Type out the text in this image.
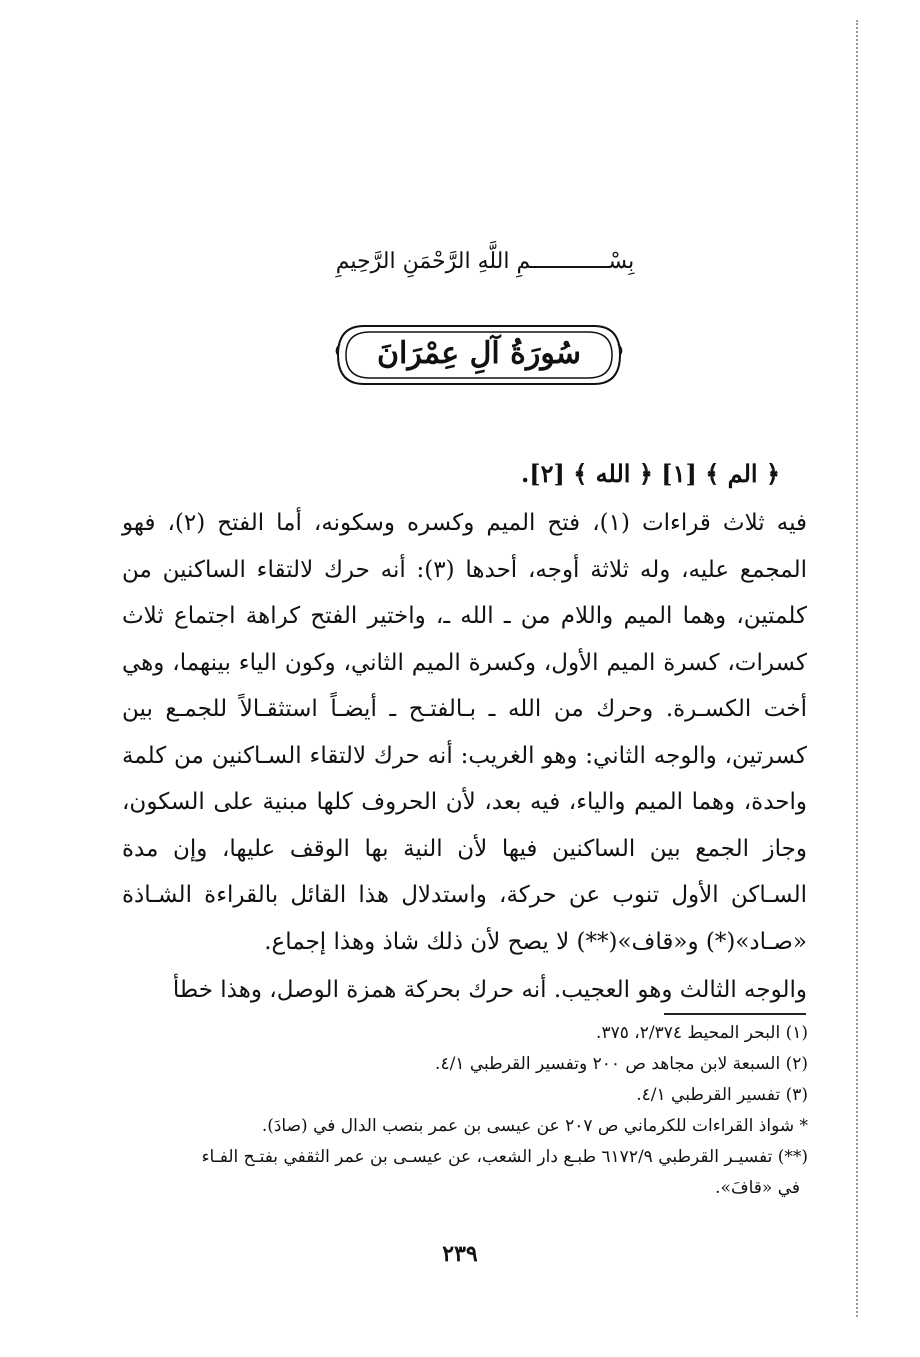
بِسْــــــــــــمِ اللَّهِ الرَّحْمَنِ الرَّحِيمِ
سُورَةُ آلِ عِمْرَانَ
﴿ الم ﴾ [١] ﴿ الله ﴾ [٢].

فيه ثلاث قراءات (١)، فتح الميم وكسره وسكونه، أما الفتح (٢)، فهو المجمع عليه، وله ثلاثة أوجه، أحدها (٣): أنه حرك لالتقاء الساكنين من كلمتين، وهما الميم واللام من ـ الله ـ، واختير الفتح كراهة اجتماع ثلاث كسرات، كسرة الميم الأول، وكسرة الميم الثاني، وكون الياء بينهما، وهي أخت الكسـرة. وحرك من الله ـ بـالفتـح ـ أيضـاً استثقـالاً للجمـع بين كسرتين، والوجه الثاني: وهو الغريب: أنه حرك لالتقاء السـاكنين من كلمة واحدة، وهما الميم والياء، فيه بعد، لأن الحروف كلها مبنية على السكون، وجاز الجمع بين الساكنين فيها لأن النية بها الوقف عليها، وإن مدة السـاكن الأول تنوب عن حركة، واستدلال هذا القائل بالقراءة الشـاذة «صـاد»(*) و«قاف»(**) لا يصح لأن ذلك شاذ وهذا إجماع.

والوجه الثالث وهو العجيب. أنه حرك بحركة همزة الوصل، وهذا خطأ

(١) البحر المحيط ٢/٣٧٤، ٣٧٥.
(٢) السبعة لابن مجاهد ص ٢٠٠ وتفسير القرطبي ٤/١.
(٣) تفسير القرطبي ٤/١.
* شواذ القراءات للكرماني ص ٢٠٧ عن عيسى بن عمر بنصب الدال في (صادَ).
(**) تفسيـر القرطبي ٦١٧٢/٩ طبـع دار الشعب، عن عيسـى بن عمر الثقفي بفتـح الفـاء
في «قافَ».
٢٣٩
